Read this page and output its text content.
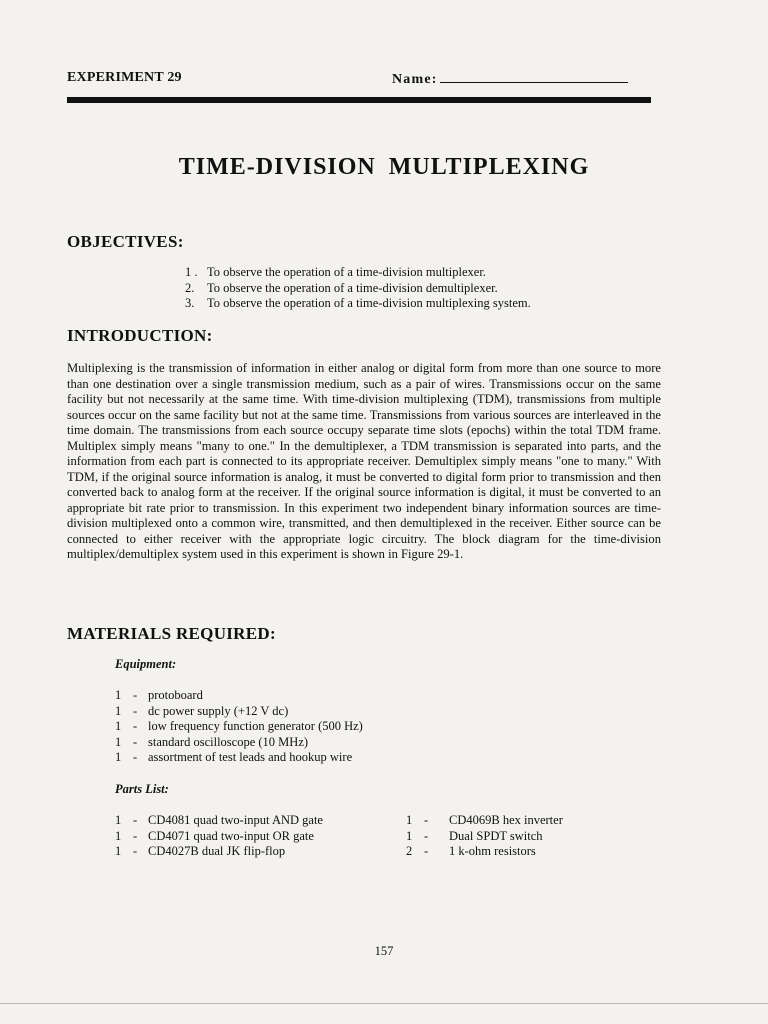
EXPERIMENT 29	Name:
TIME-DIVISION MULTIPLEXING
OBJECTIVES:
1 . To observe the operation of a time-division multiplexer.
2. To observe the operation of a time-division demultiplexer.
3. To observe the operation of a time-division multiplexing system.
INTRODUCTION:
Multiplexing is the transmission of information in either analog or digital form from more than one source to more than one destination over a single transmission medium, such as a pair of wires. Transmissions occur on the same facility but not necessarily at the same time. With time-division multiplexing (TDM), transmissions from multiple sources occur on the same facility but not at the same time. Transmissions from various sources are interleaved in the time domain. The transmissions from each source occupy separate time slots (epochs) within the total TDM frame. Multiplex simply means "many to one." In the demultiplexer, a TDM transmission is separated into parts, and the information from each part is connected to its appropriate receiver. Demultiplex simply means "one to many." With TDM, if the original source information is analog, it must be converted to digital form prior to transmission and then converted back to analog form at the receiver. If the original source information is digital, it must be converted to an appropriate bit rate prior to transmission. In this experiment two independent binary information sources are time-division multiplexed onto a common wire, transmitted, and then demultiplexed in the receiver. Either source can be connected to either receiver with the appropriate logic circuitry. The block diagram for the time-division multiplex/demultiplex system used in this experiment is shown in Figure 29-1.
MATERIALS REQUIRED:
Equipment:
1 - protoboard
1 - dc power supply (+12 V dc)
1 - low frequency function generator (500 Hz)
1 - standard oscilloscope (10 MHz)
1 - assortment of test leads and hookup wire
Parts List:
1 - CD4081 quad two-input AND gate
1 - CD4071 quad two-input OR gate
1 - CD4027B dual JK flip-flop
1 - CD4069B hex inverter
1 - Dual SPDT switch
2 - 1 k-ohm resistors
157
